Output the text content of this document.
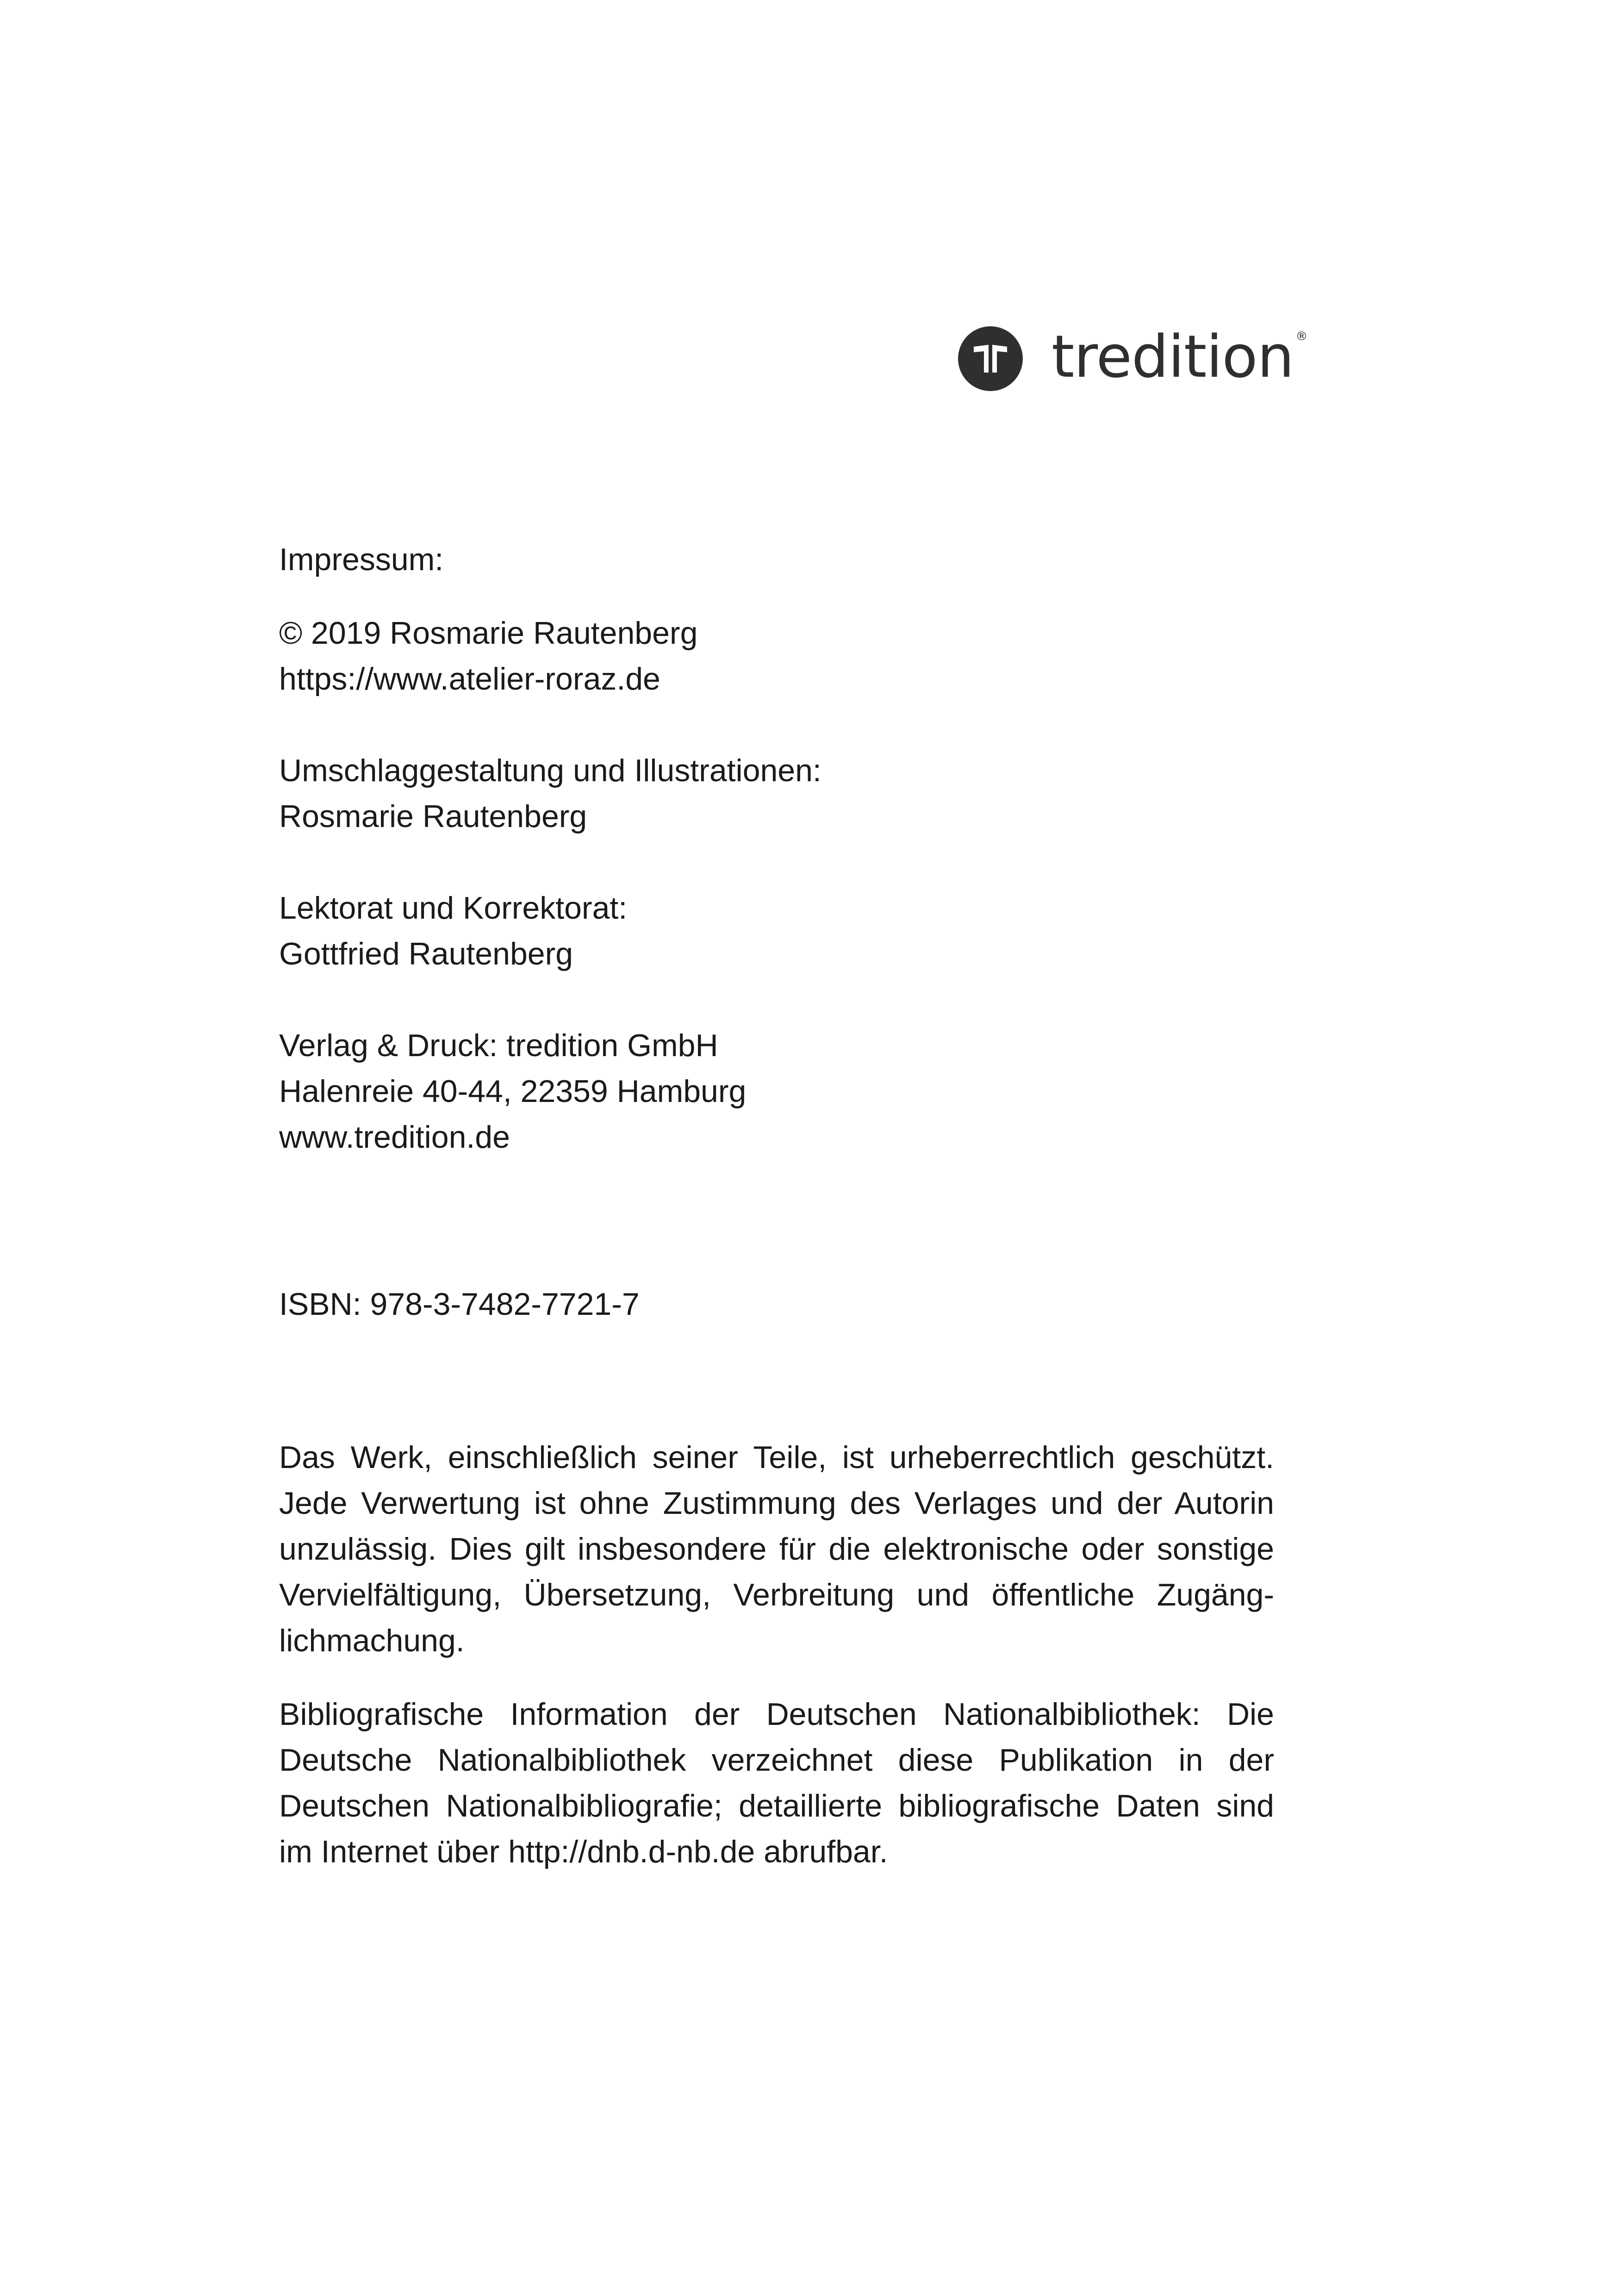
tredition ®
Impressum:
© 2019 Rosmarie Rautenberg
https://www.atelier-roraz.de
Umschlaggestaltung und Illustrationen:
Rosmarie Rautenberg
Lektorat und Korrektorat:
Gottfried Rautenberg
Verlag & Druck: tredition GmbH
Halenreie 40-44, 22359 Hamburg
www.tredition.de
ISBN: 978-3-7482-7721-7
Das Werk, einschließlich seiner Teile, ist urheberrechtlich geschützt. Jede Verwertung ist ohne Zustimmung des Verlages und der Autorin unzulässig. Dies gilt insbesondere für die elektronische oder sonstige Vervielfältigung, Übersetzung, Verbreitung und öffentliche Zugäng-lichmachung.
Bibliografische Information der Deutschen Nationalbibliothek: Die Deutsche Nationalbibliothek verzeichnet diese Publikation in der Deutschen Nationalbibliografie; detaillierte bibliografische Daten sind im Internet über http://dnb.d-nb.de abrufbar.
